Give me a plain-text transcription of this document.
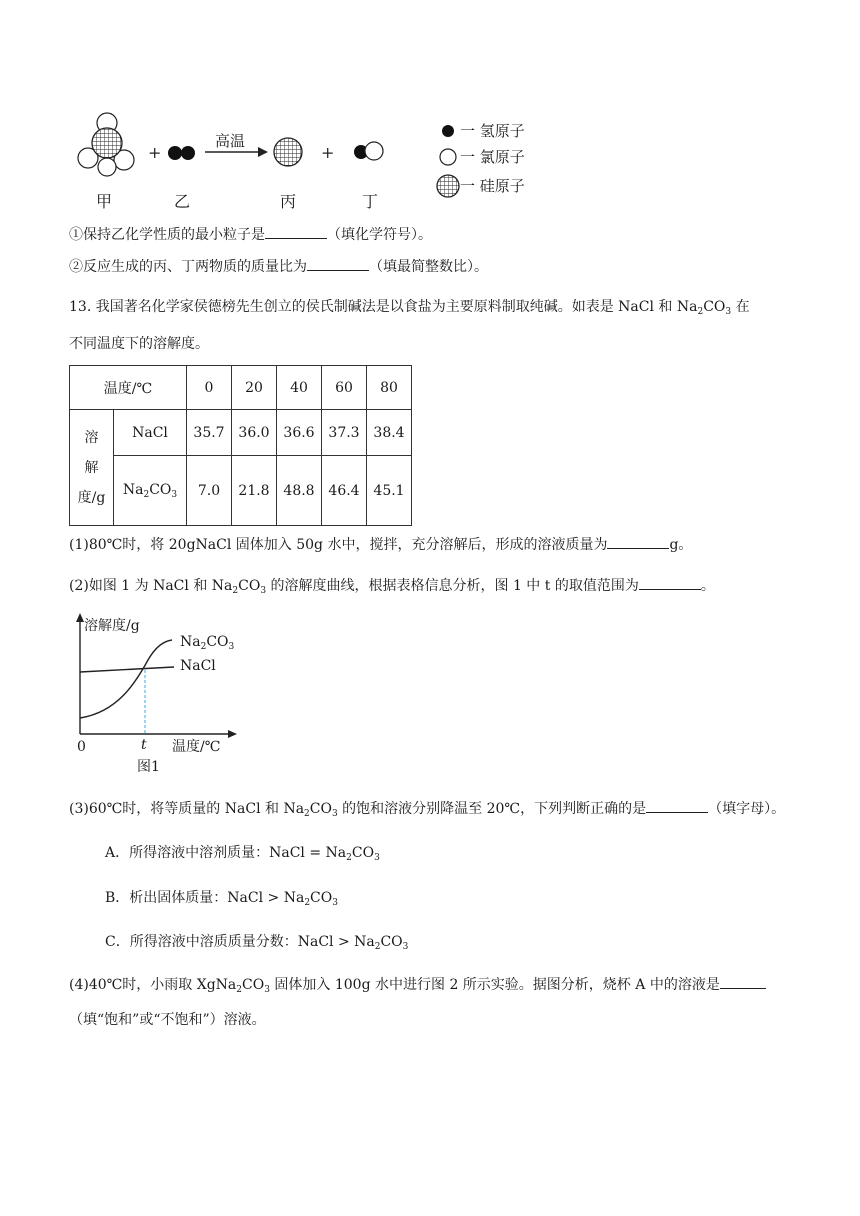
+	+
高温
甲	乙	丙	丁
一 氢原子
一 氯原子
一 硅原子
①保持乙化学性质的最小粒子是	（填化学符号）。
②反应生成的丙、丁两物质的质量比为	（填最简整数比）。
13. 我国著名化学家侯德榜先生创立的侯氏制碱法是以食盐为主要原料制取纯碱。如表是 NaCl 和 $Na_2CO_3$ 在
不同温度下的溶解度。
温度/℃		0	20	40	60	80

溶
解
度/g	NaCl	35.7	36.0	36.6	37.3	38.4
	$Na_2CO_3$	7.0	21.8	48.8	46.4	45.1
(1)80℃时，将 20gNaCl 固体加入 50g 水中，搅拌，充分溶解后，形成的溶液质量为	g。
(2)如图 1 为 NaCl 和 $Na_2CO_3$ 的溶解度曲线，根据表格信息分析，图 1 中 t 的取值范围为	。
溶解度/g
$Na_2CO_3$
NaCl
0	t 温度/℃
图1
(3)60℃时，将等质量的 NaCl 和 $Na_2CO_3$ 的饱和溶液分别降温至 20℃，下列判断正确的是	（填字母）。
A．所得溶液中溶剂质量：NaCl = $Na_2CO_3$
B．析出固体质量：NaCl > $Na_2CO_3$
C．所得溶液中溶质质量分数：NaCl > $Na_2CO_3$
(4)40℃时，小雨取 $XgNa_2CO_3$ 固体加入 100g 水中进行图 2 所示实验。据图分析，烧杯 A 中的溶液是
（填“饱和”或“不饱和”）溶液。
